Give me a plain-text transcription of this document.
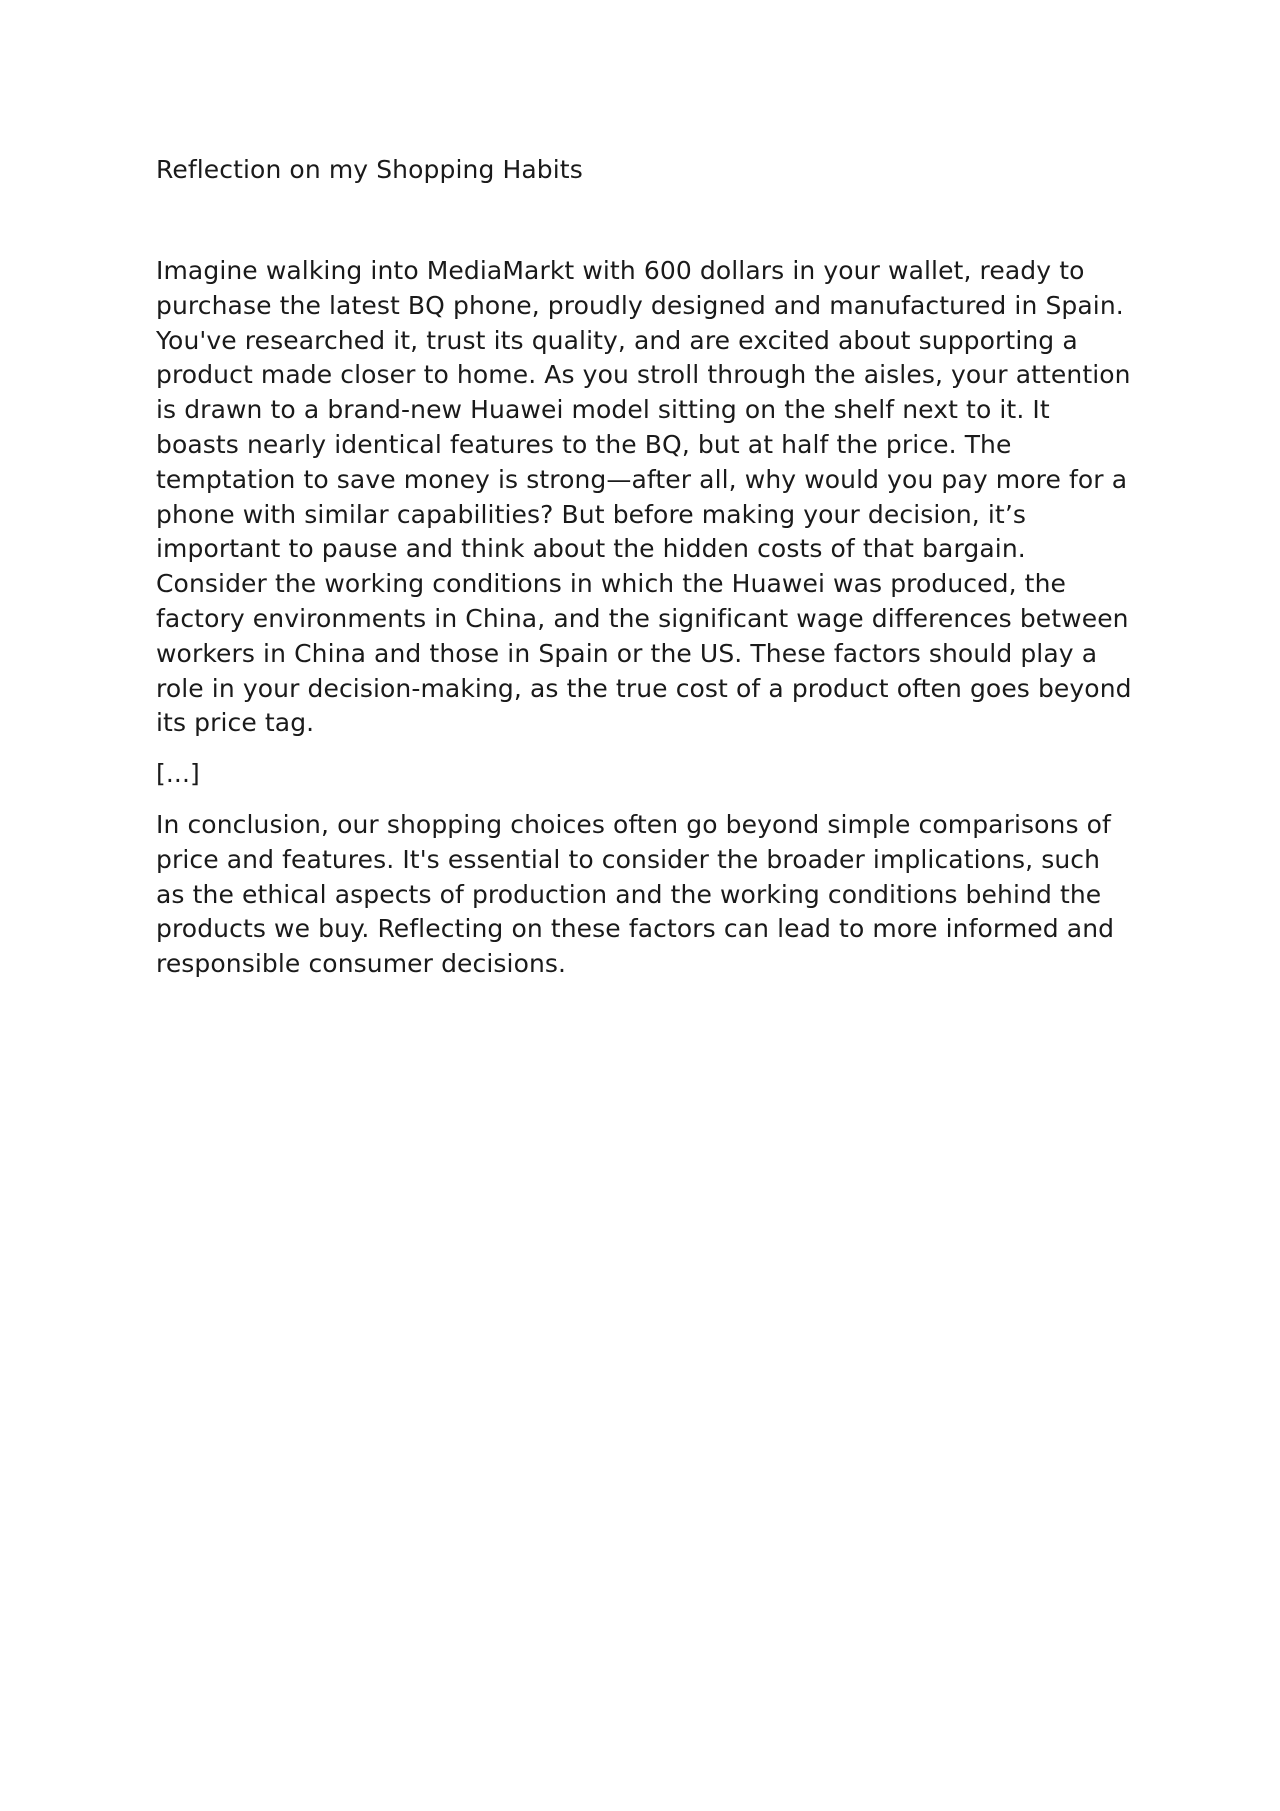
Reflection on my Shopping Habits

Imagine walking into MediaMarkt with 600 dollars in your wallet, ready to purchase the latest BQ phone, proudly designed and manufactured in Spain. You've researched it, trust its quality, and are excited about supporting a product made closer to home. As you stroll through the aisles, your attention is drawn to a brand-new Huawei model sitting on the shelf next to it. It boasts nearly identical features to the BQ, but at half the price. The temptation to save money is strong—after all, why would you pay more for a phone with similar capabilities? But before making your decision, it’s important to pause and think about the hidden costs of that bargain. Consider the working conditions in which the Huawei was produced, the factory environments in China, and the significant wage differences between workers in China and those in Spain or the US. These factors should play a role in your decision-making, as the true cost of a product often goes beyond its price tag.

[...]

In conclusion, our shopping choices often go beyond simple comparisons of price and features. It's essential to consider the broader implications, such as the ethical aspects of production and the working conditions behind the products we buy. Reflecting on these factors can lead to more informed and responsible consumer decisions.
